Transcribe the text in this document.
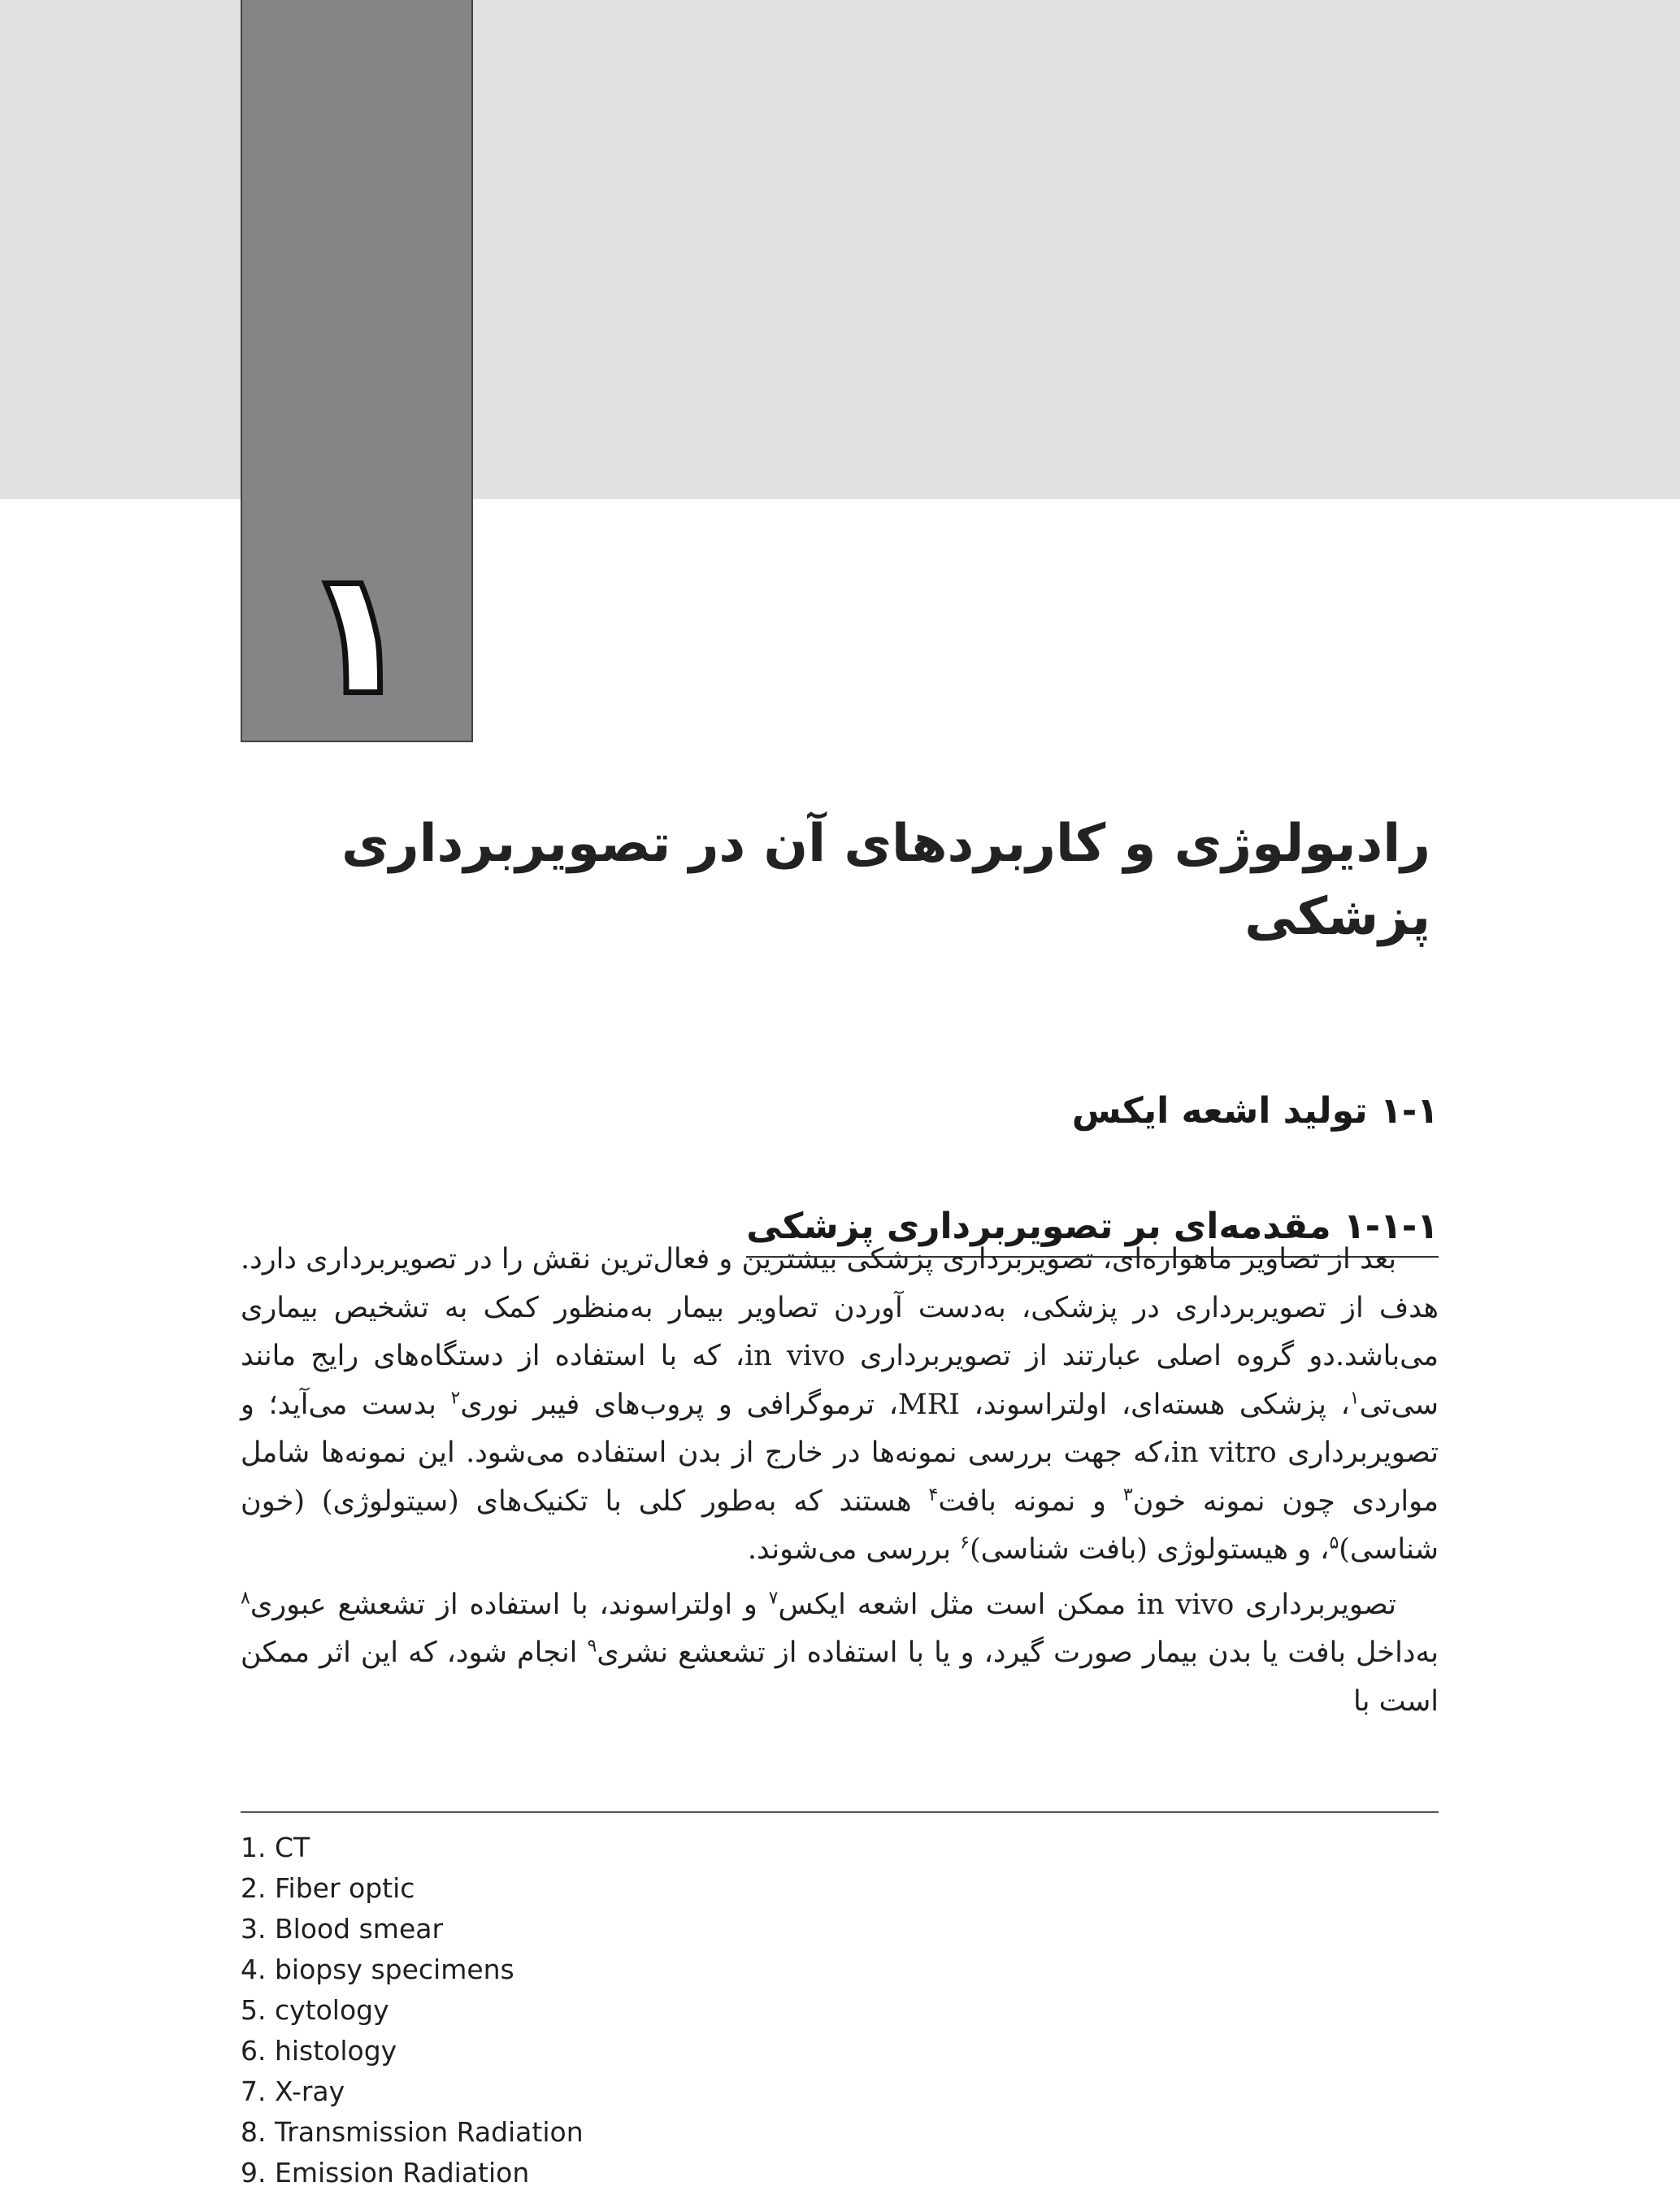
۱
رادیولوژی و کاربردهای آن در تصویربرداری پزشکی
۱-۱ تولید اشعه ایکس
۱-۱-۱ مقدمه‌ای بر تصویربرداری پزشکی

بعد از تصاویر ماهواره‌ای، تصویربرداری پزشکی بیشترین و فعال‌ترین نقش را در تصویربرداری دارد. هدف از تصویربرداری در پزشکی، به‌دست آوردن تصاویر بیمار به‌منظور کمک به تشخیص بیماری می‌باشد.دو گروه اصلی عبارتند از تصویربرداری in vivo، که با استفاده از دستگاه‌های رایج مانند سی‌تی$^۱$، پزشکی هسته‌ای، اولتراسوند، MRI، ترموگرافی و پروب‌های فیبر نوری$^۲$ بدست می‌آید؛ و تصویربرداری in vitro،که جهت بررسی نمونه‌ها در خارج از بدن استفاده می‌شود. این نمونه‌ها شامل مواردی چون نمونه خون$^۳$ و نمونه بافت$^۴$ هستند که به‌طور کلی با تکنیک‌های (سیتولوژی) (خون شناسی)$^۵$، و هیستولوژی (بافت شناسی)$^۶$ بررسی می‌شوند.

تصویربرداری in vivo ممکن است مثل اشعه ایکس$^۷$ و اولتراسوند، با استفاده از تشعشع عبوری$^۸$ به‌داخل بافت یا بدن بیمار صورت گیرد، و یا با استفاده از تشعشع نشری$^۹$ انجام شود، که این اثر ممکن است با

1. CT
2. Fiber optic
3. Blood smear
4. biopsy specimens
5. cytology
6. histology
7. X-ray
8. Transmission Radiation
9. Emission Radiation
